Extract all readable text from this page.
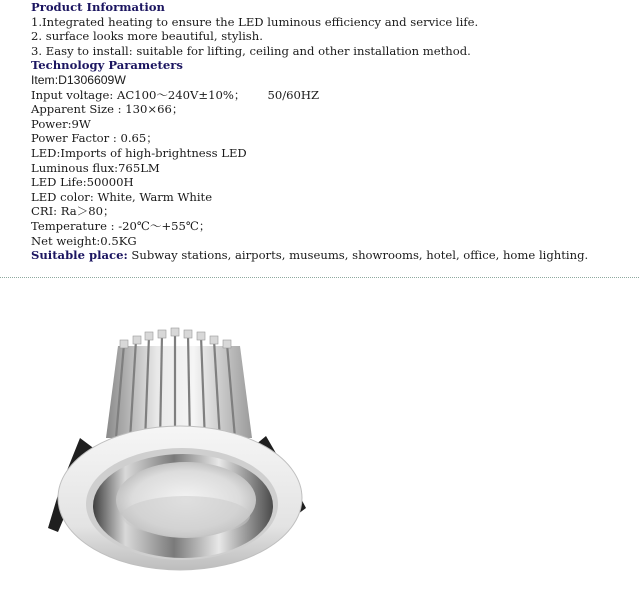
Product Information
1.Integrated heating to ensure the LED luminous efficiency and service life.
2. surface looks more beautiful, stylish.
3. Easy to install: suitable for lifting, ceiling and other installation method.
Technology Parameters
Item:D1306609W
Input voltage: AC100～240V±10%； 50/60HZ
Apparent Size : 130×66；
Power:9W
Power Factor : 0.65；
LED:Imports of high-brightness LED
Luminous flux:765LM
LED Life:50000H
LED color: White, Warm White
CRI: Ra＞80；
Temperature : -20℃～+55℃；
Net weight:0.5KG
Suitable place: Subway stations, airports, museums, showrooms, hotel, office, home lighting.
